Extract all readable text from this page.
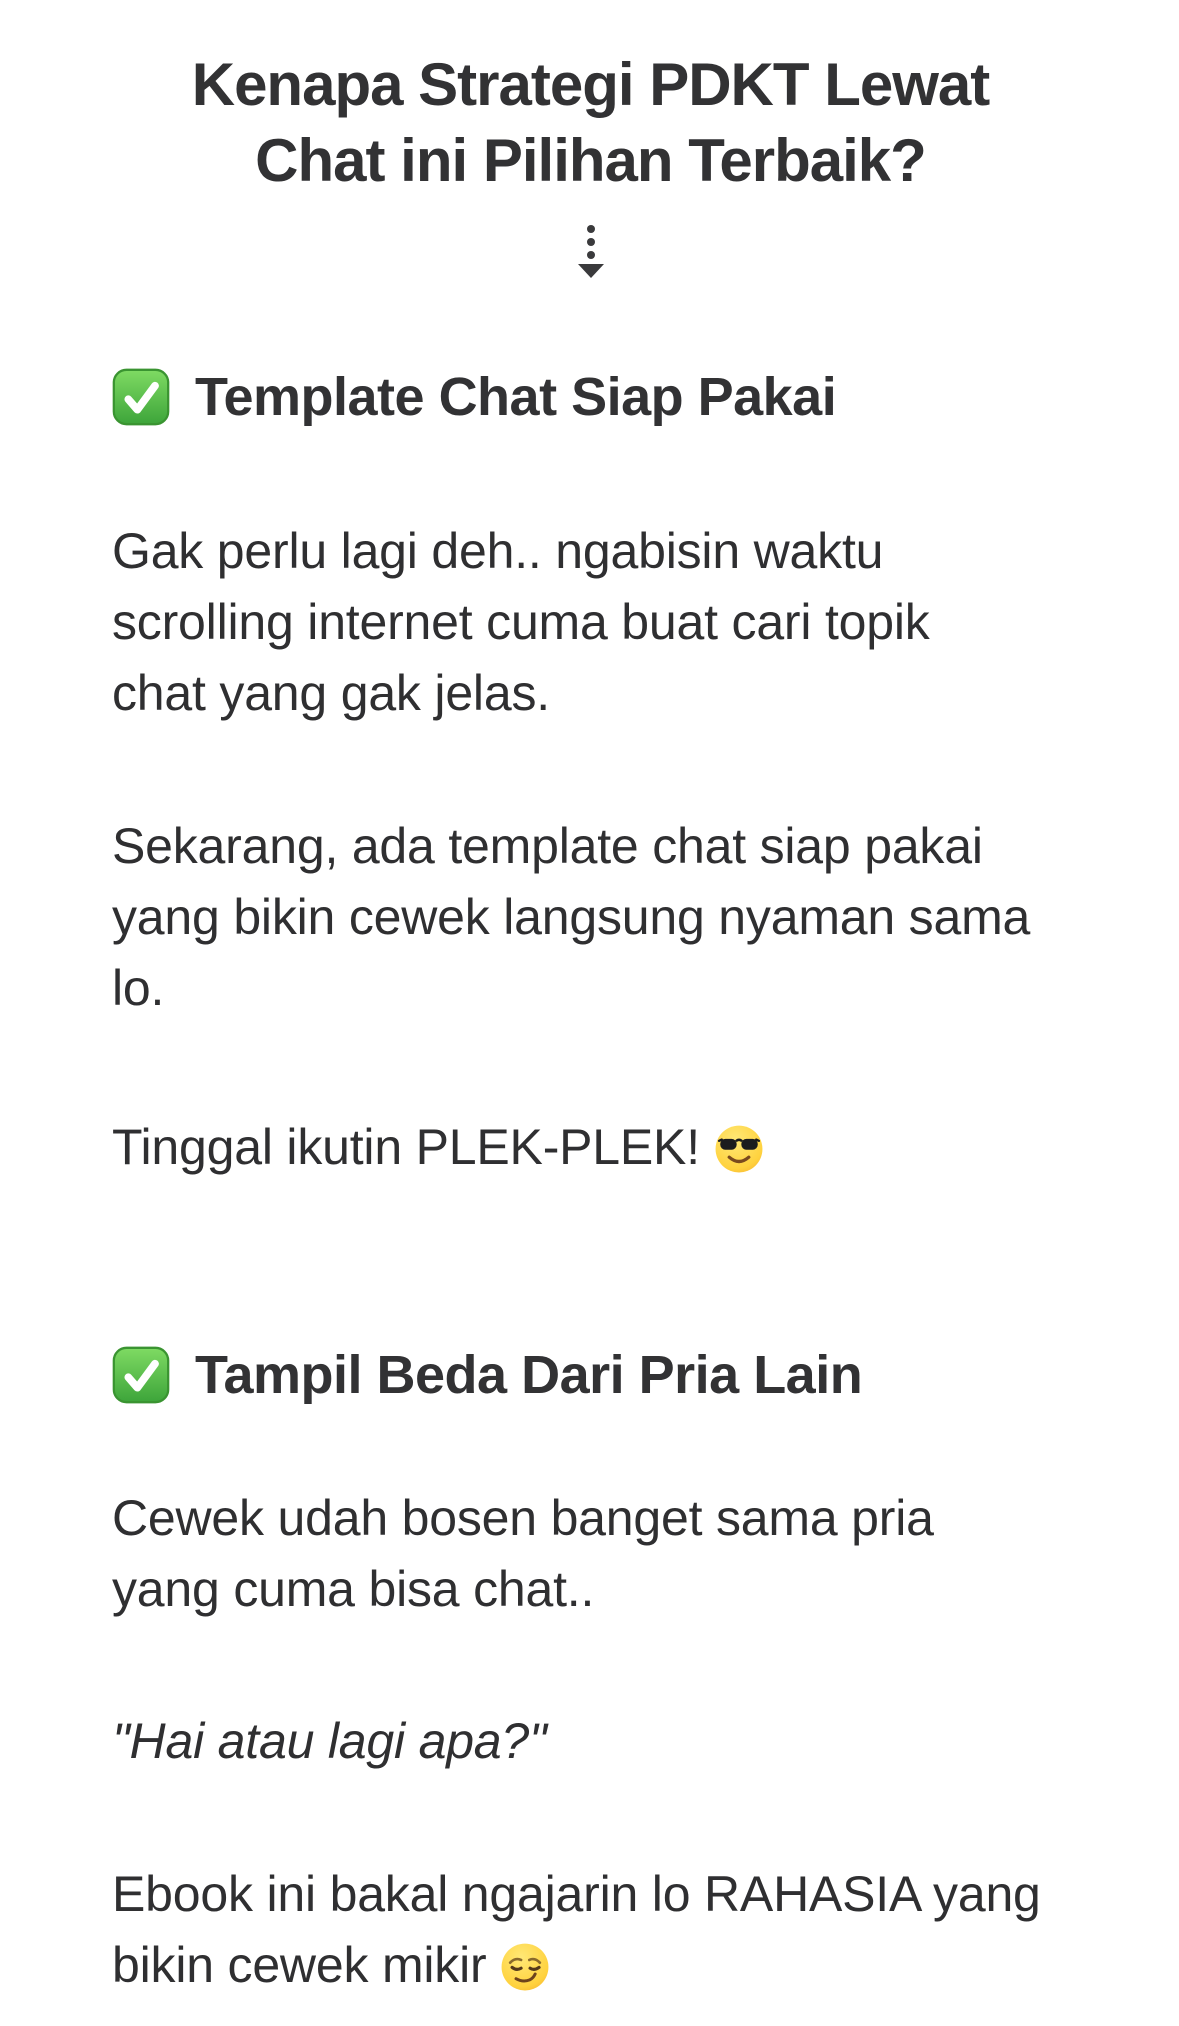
Kenapa Strategi PDKT Lewat
Chat ini Pilihan Terbaik?
Template Chat Siap Pakai

Gak perlu lagi deh.. ngabisin waktu
scrolling internet cuma buat cari topik
chat yang gak jelas.

Sekarang, ada template chat siap pakai
yang bikin cewek langsung nyaman sama
lo.

Tinggal ikutin PLEK-PLEK!

Tampil Beda Dari Pria Lain

Cewek udah bosen banget sama pria
yang cuma bisa chat..

"Hai atau lagi apa?"

Ebook ini bakal ngajarin lo RAHASIA yang
bikin cewek mikir
